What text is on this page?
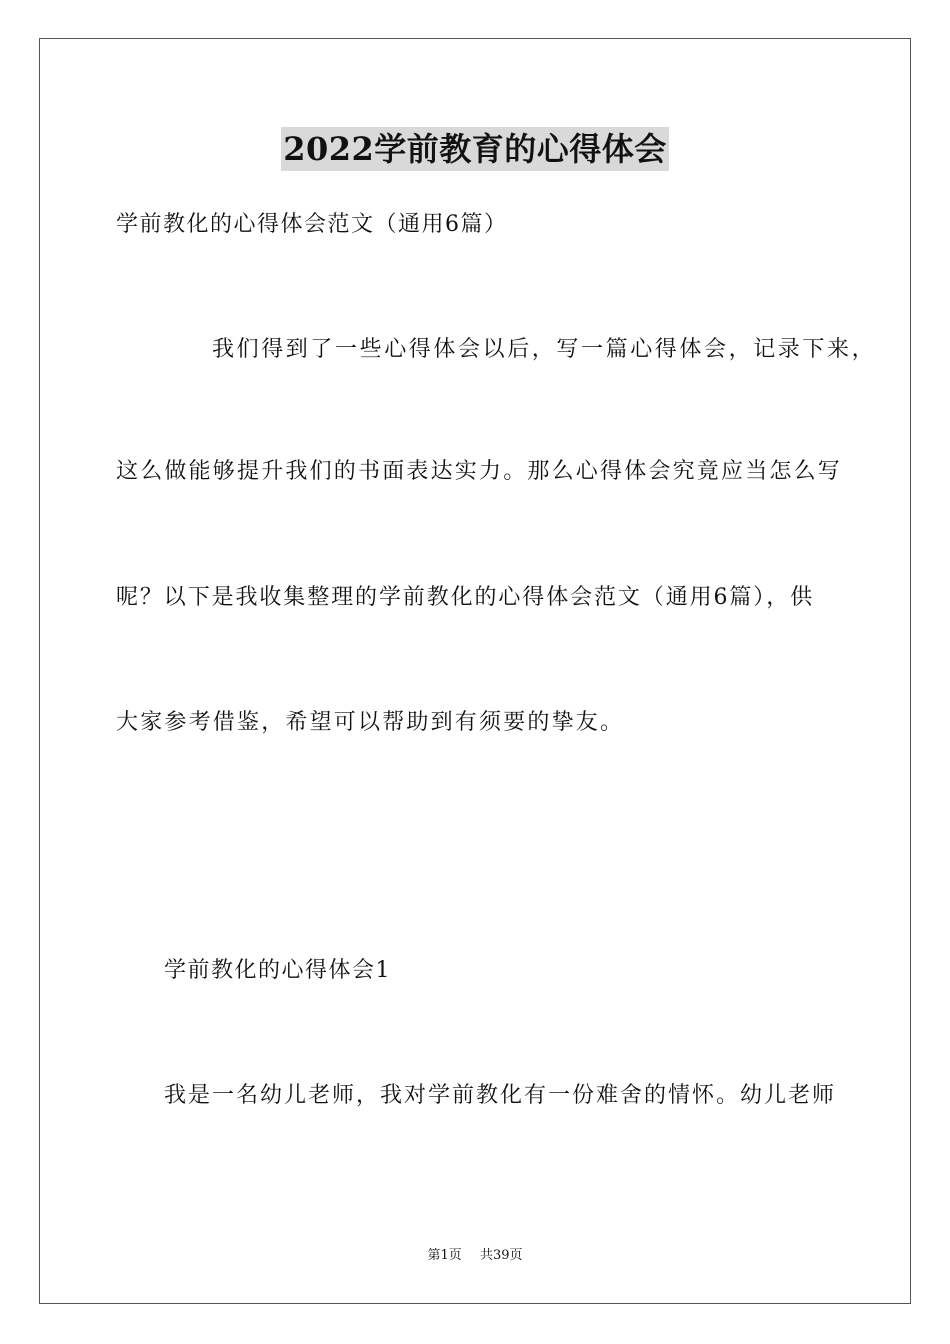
2022学前教育的心得体会
学前教化的心得体会范文（通用6篇）
我们得到了一些心得体会以后，写一篇心得体会，记录下来，
这么做能够提升我们的书面表达实力。那么心得体会究竟应当怎么写
呢？以下是我收集整理的学前教化的心得体会范文（通用6篇），供
大家参考借鉴，希望可以帮助到有须要的挚友。
学前教化的心得体会1
我是一名幼儿老师，我对学前教化有一份难舍的情怀。幼儿老师
第1页 共39页
